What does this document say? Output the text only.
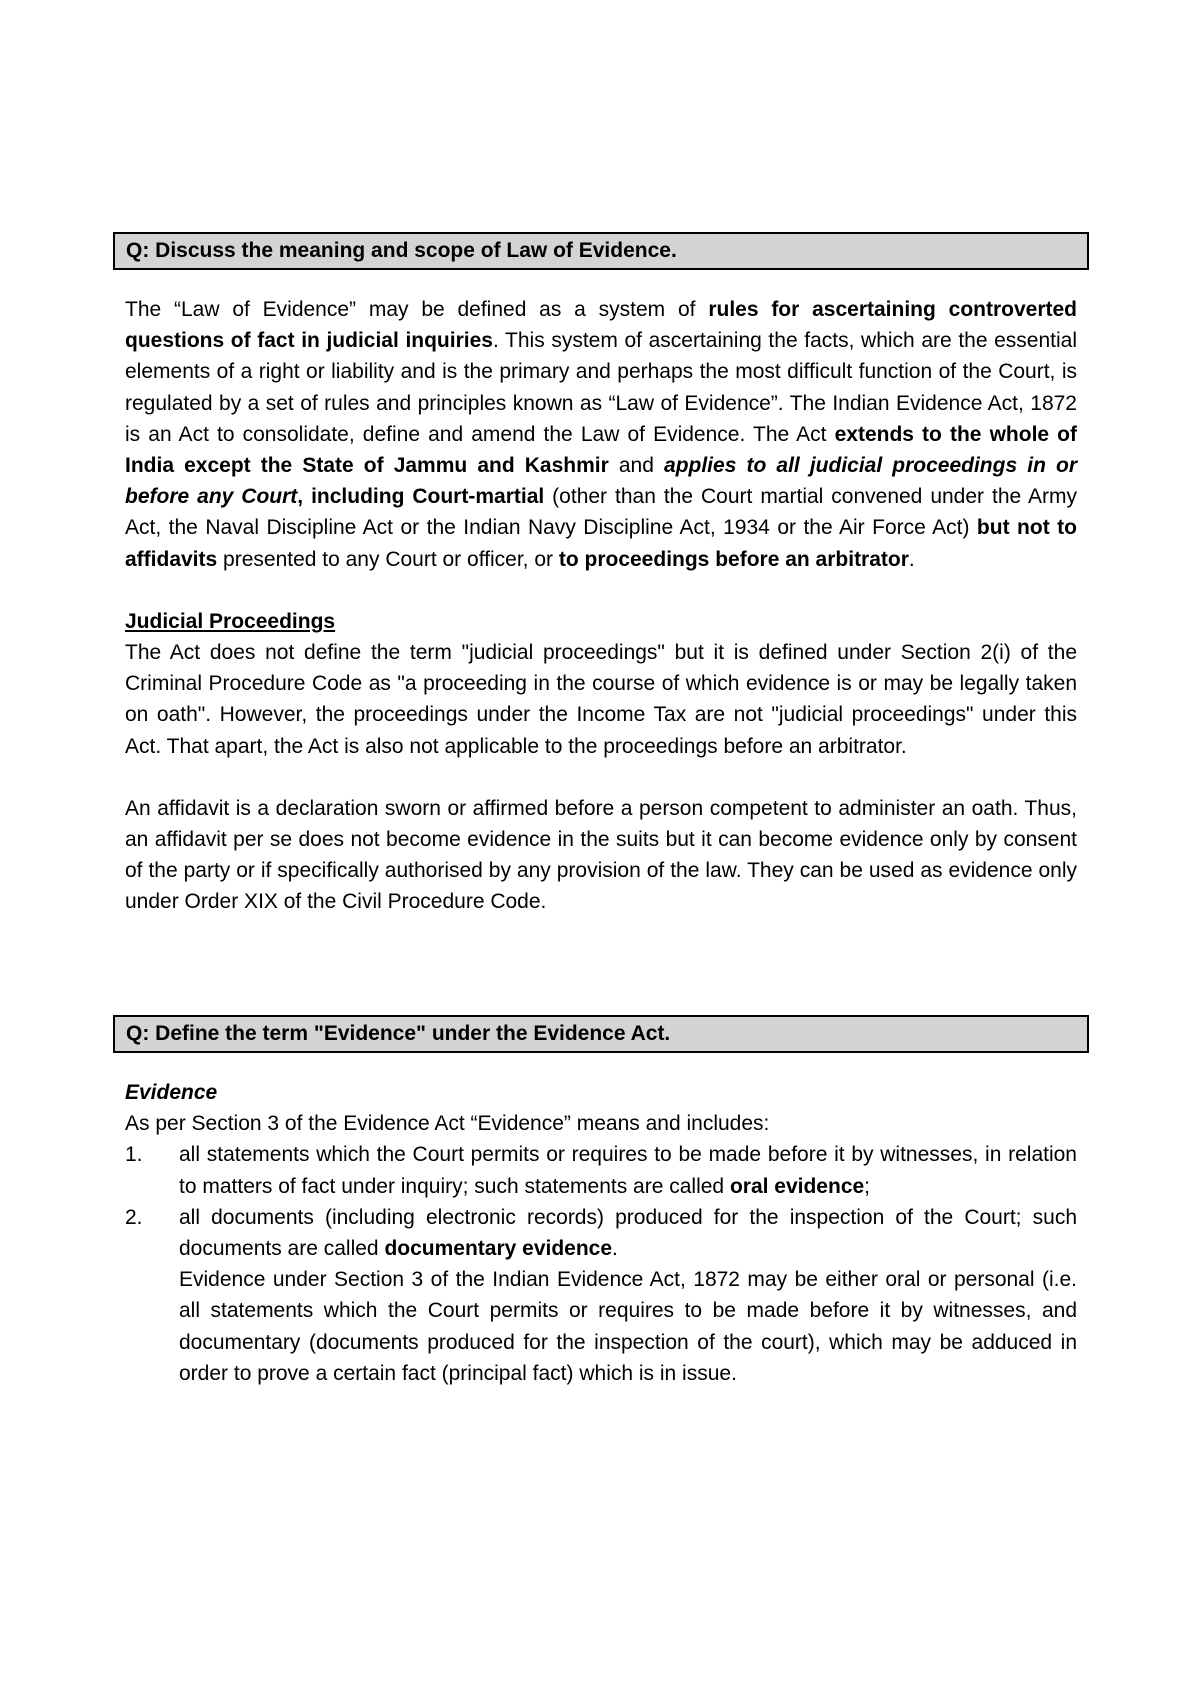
Q: Discuss the meaning and scope of Law of Evidence.

The “Law of Evidence” may be defined as a system of rules for ascertaining controverted questions of fact in judicial inquiries. This system of ascertaining the facts, which are the essential elements of a right or liability and is the primary and perhaps the most difficult function of the Court, is regulated by a set of rules and principles known as “Law of Evidence”. The Indian Evidence Act, 1872 is an Act to consolidate, define and amend the Law of Evidence. The Act extends to the whole of India except the State of Jammu and Kashmir and applies to all judicial proceedings in or before any Court, including Court-martial (other than the Court martial convened under the Army Act, the Naval Discipline Act or the Indian Navy Discipline Act, 1934 or the Air Force Act) but not to affidavits presented to any Court or officer, or to proceedings before an arbitrator.

Judicial Proceedings

The Act does not define the term "judicial proceedings" but it is defined under Section 2(i) of the Criminal Procedure Code as "a proceeding in the course of which evidence is or may be legally taken on oath". However, the proceedings under the Income Tax are not "judicial proceedings" under this Act. That apart, the Act is also not applicable to the proceedings before an arbitrator.

An affidavit is a declaration sworn or affirmed before a person competent to administer an oath. Thus, an affidavit per se does not become evidence in the suits but it can become evidence only by consent of the party or if specifically authorised by any provision of the law. They can be used as evidence only under Order XIX of the Civil Procedure Code.

Q: Define the term "Evidence" under the Evidence Act.

Evidence

As per Section 3 of the Evidence Act “Evidence” means and includes:

1. all statements which the Court permits or requires to be made before it by witnesses, in relation to matters of fact under inquiry; such statements are called oral evidence;
2. all documents (including electronic records) produced for the inspection of the Court; such documents are called documentary evidence.
Evidence under Section 3 of the Indian Evidence Act, 1872 may be either oral or personal (i.e. all statements which the Court permits or requires to be made before it by witnesses, and documentary (documents produced for the inspection of the court), which may be adduced in order to prove a certain fact (principal fact) which is in issue.
